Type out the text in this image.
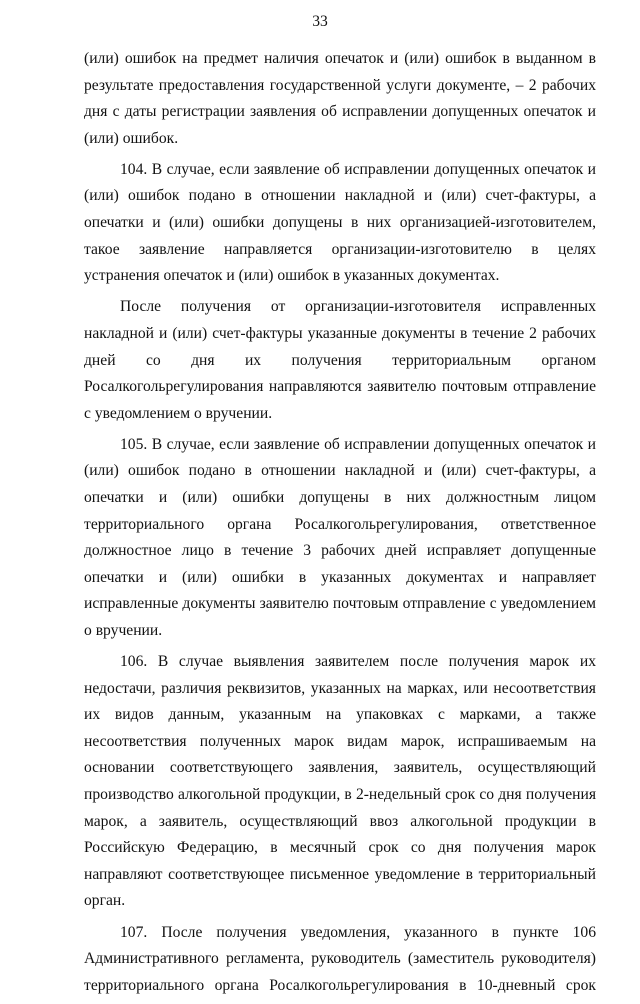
33

(или) ошибок на предмет наличия опечаток и (или) ошибок в выданном в результате предоставления государственной услуги документе, – 2 рабочих дня с даты регистрации заявления об исправлении допущенных опечаток и (или) ошибок.

104. В случае, если заявление об исправлении допущенных опечаток и (или) ошибок подано в отношении накладной и (или) счет-фактуры, а опечатки и (или) ошибки допущены в них организацией-изготовителем, такое заявление направляется организации-изготовителю в целях устранения опечаток и (или) ошибок в указанных документах.

После получения от организации-изготовителя исправленных накладной и (или) счет-фактуры указанные документы в течение 2 рабочих дней со дня их получения территориальным органом Росалкогольрегулирования направляются заявителю почтовым отправление с уведомлением о вручении.

105. В случае, если заявление об исправлении допущенных опечаток и (или) ошибок подано в отношении накладной и (или) счет-фактуры, а опечатки и (или) ошибки допущены в них должностным лицом территориального органа Росалкогольрегулирования, ответственное должностное лицо в течение 3 рабочих дней исправляет допущенные опечатки и (или) ошибки в указанных документах и направляет исправленные документы заявителю почтовым отправление с уведомлением о вручении.

106. В случае выявления заявителем после получения марок их недостачи, различия реквизитов, указанных на марках, или несоответствия их видов данным, указанным на упаковках с марками, а также несоответствия полученных марок видам марок, испрашиваемым на основании соответствующего заявления, заявитель, осуществляющий производство алкогольной продукции, в 2-недельный срок со дня получения марок, а заявитель, осуществляющий ввоз алкогольной продукции в Российскую Федерацию, в месячный срок со дня получения марок направляют соответствующее письменное уведомление в территориальный орган.

107. После получения уведомления, указанного в пункте 106 Административного регламента, руководитель (заместитель руководителя) территориального органа Росалкогольрегулирования в 10-дневный срок
